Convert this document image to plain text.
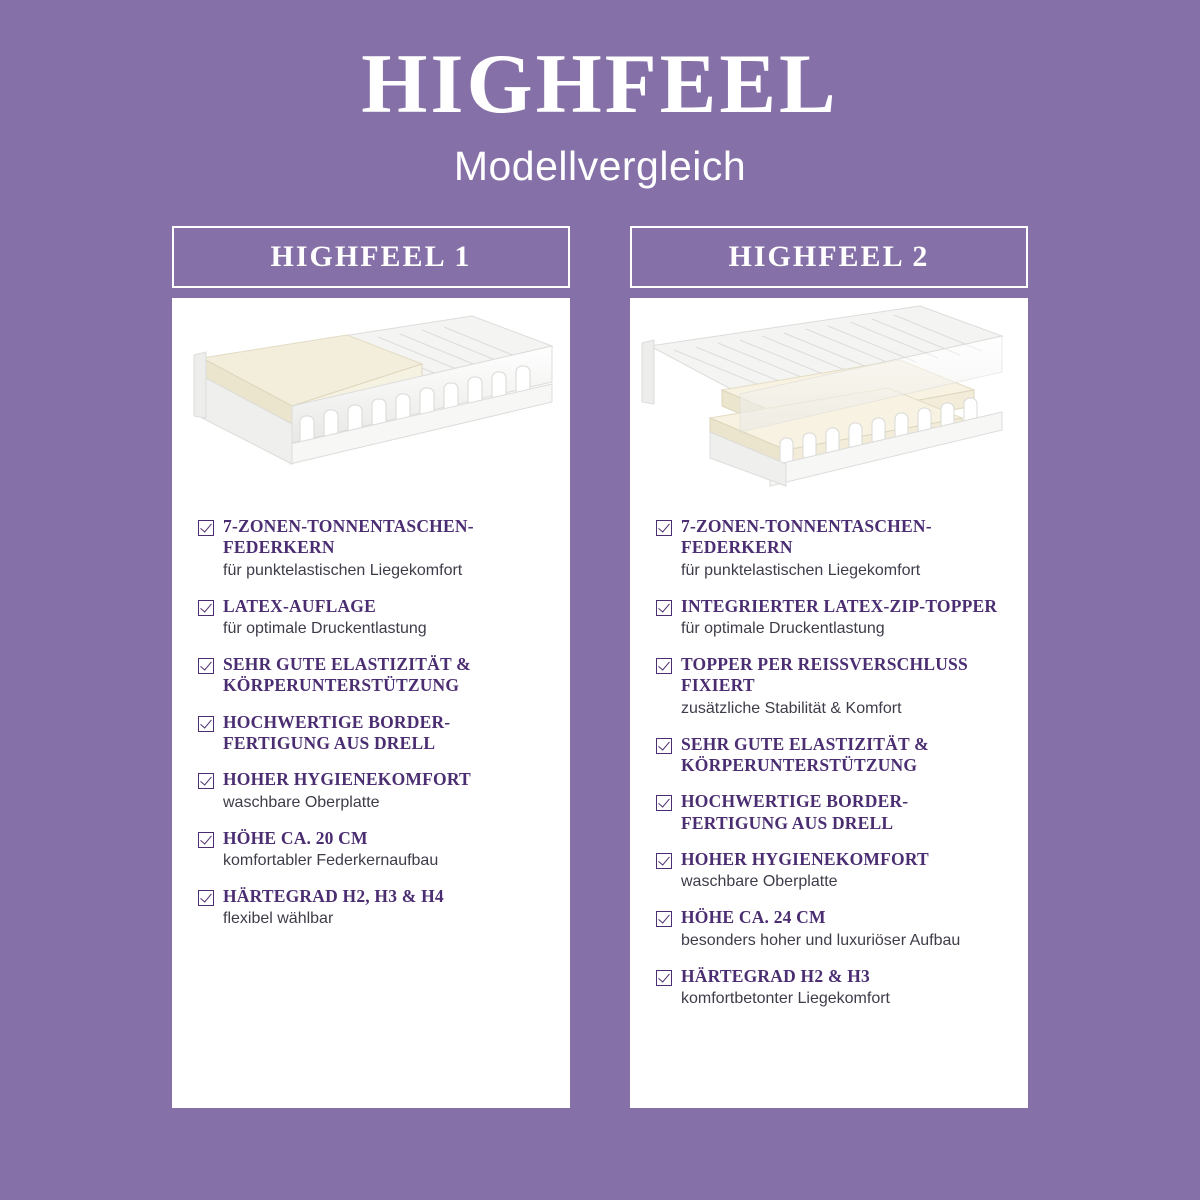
HIGHFEEL
Modellvergleich
HIGHFEEL 1
7-ZONEN-TONNENTASCHEN-FEDERKERN
für punktelastischen Liegekomfort
LATEX-AUFLAGE
für optimale Druckentlastung
SEHR GUTE ELASTIZITÄT & KÖRPERUNTERSTÜTZUNG
HOCHWERTIGE BORDER-FERTIGUNG AUS DRELL
HOHER HYGIENEKOMFORT
waschbare Oberplatte
HÖHE CA. 20 CM
komfortabler Federkernaufbau
HÄRTEGRAD H2, H3 & H4
flexibel wählbar
HIGHFEEL 2
7-ZONEN-TONNENTASCHEN-FEDERKERN
für punktelastischen Liegekomfort
INTEGRIERTER LATEX-ZIP-TOPPER
für optimale Druckentlastung
TOPPER PER REISSVERSCHLUSS FIXIERT
zusätzliche Stabilität & Komfort
SEHR GUTE ELASTIZITÄT & KÖRPERUNTERSTÜTZUNG
HOCHWERTIGE BORDER-FERTIGUNG AUS DRELL
HOHER HYGIENEKOMFORT
waschbare Oberplatte
HÖHE CA. 24 CM
besonders hoher und luxuriöser Aufbau
HÄRTEGRAD H2 & H3
komfortbetonter Liegekomfort
